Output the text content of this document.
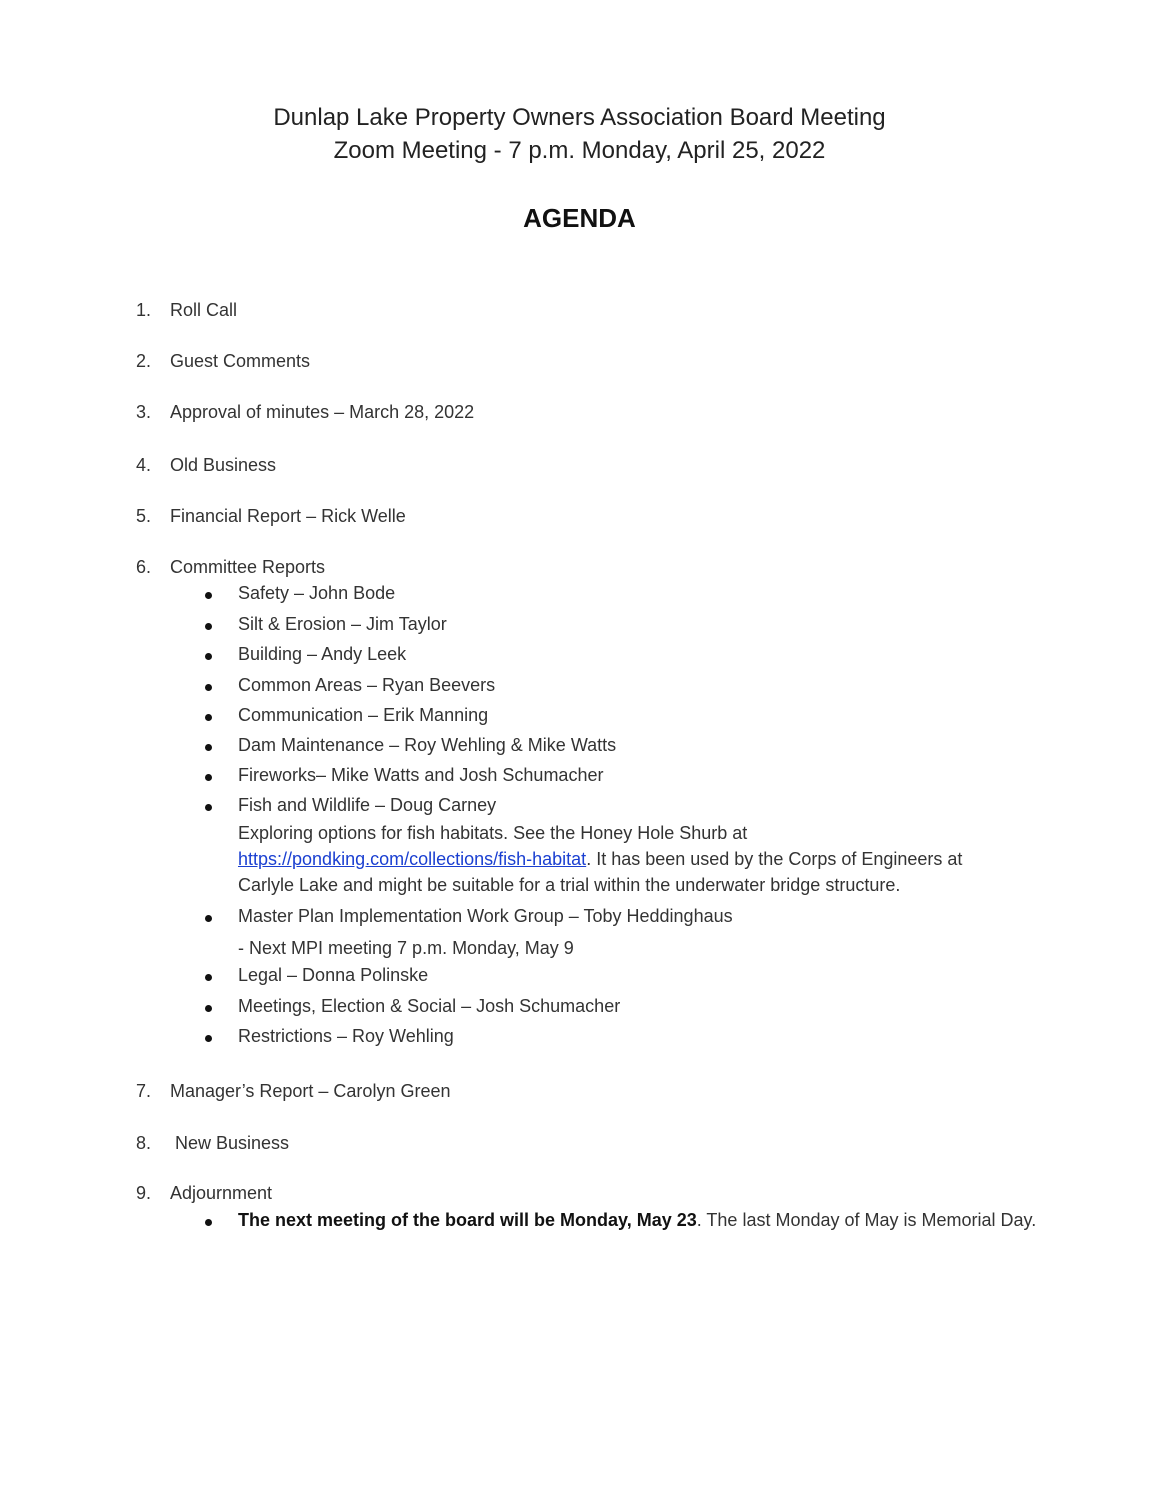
Dunlap Lake Property Owners Association Board Meeting
Zoom Meeting - 7 p.m. Monday, April 25, 2022
AGENDA
1. Roll Call
2. Guest Comments
3. Approval of minutes – March 28, 2022
4. Old Business
5. Financial Report – Rick Welle
6. Committee Reports
Safety – John Bode
Silt & Erosion – Jim Taylor
Building – Andy Leek
Common Areas – Ryan Beevers
Communication – Erik Manning
Dam Maintenance – Roy Wehling & Mike Watts
Fireworks– Mike Watts and Josh Schumacher
Fish and Wildlife – Doug Carney
Exploring options for fish habitats. See the Honey Hole Shurb at
https://pondking.com/collections/fish-habitat. It has been used by the Corps of Engineers at
Carlyle Lake and might be suitable for a trial within the underwater bridge structure.
Master Plan Implementation Work Group – Toby Heddinghaus
- Next MPI meeting 7 p.m. Monday, May 9
Legal – Donna Polinske
Meetings, Election & Social – Josh Schumacher
Restrictions – Roy Wehling
7. Manager’s Report – Carolyn Green
8. New Business
9. Adjournment
The next meeting of the board will be Monday, May 23. The last Monday of May is Memorial Day.
